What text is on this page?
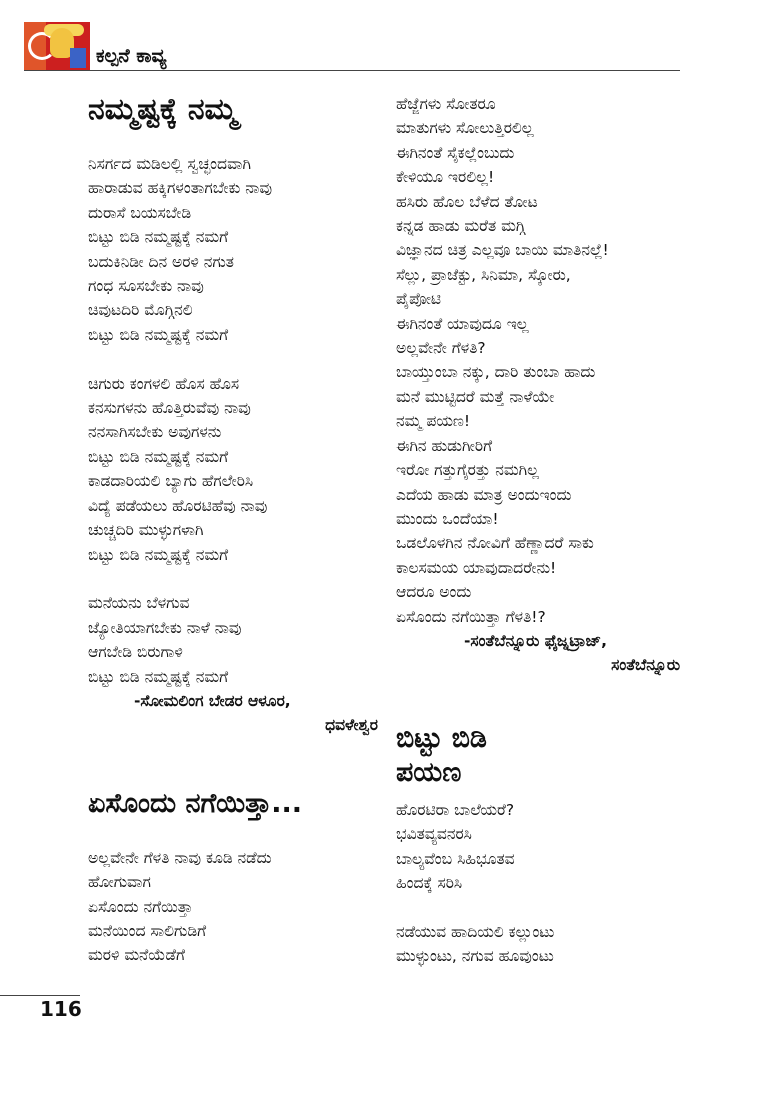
ಕಲ್ಪನೆ ಕಾವ್ಯ
ನಮ್ಮಷ್ಟಕ್ಕೆ ನಮ್ಮ
ನಿಸರ್ಗದ ಮಡಿಲಲ್ಲಿ ಸ್ವಚ್ಛಂದವಾಗಿ
ಹಾರಾಡುವ ಹಕ್ಕಿಗಳಂತಾಗಬೇಕು ನಾವು
ದುರಾಸೆ ಬಯಸಬೇಡಿ
ಬಿಟ್ಟು ಬಿಡಿ ನಮ್ಮಷ್ಟಕ್ಕೆ ನಮಗೆ
ಬದುಕಿನಿಡೀ ದಿನ ಅರಳಿ ನಗುತ
ಗಂಧ ಸೂಸಬೇಕು ನಾವು
ಚಿವುಟದಿರಿ ಮೊಗ್ಗಿನಲಿ
ಬಿಟ್ಟು ಬಿಡಿ ನಮ್ಮಷ್ಟಕ್ಕೆ ನಮಗೆ

ಚಿಗುರು ಕಂಗಳಲಿ ಹೊಸ ಹೊಸ
ಕನಸುಗಳನು ಹೊತ್ತಿರುವೆವು ನಾವು
ನನಸಾಗಿಸಬೇಕು ಅವುಗಳನು
ಬಿಟ್ಟು ಬಿಡಿ ನಮ್ಮಷ್ಟಕ್ಕೆ ನಮಗೆ
ಕಾಡದಾರಿಯಲಿ ಬ್ಯಾಗು ಹೆಗಲೇರಿಸಿ
ವಿದ್ಯೆ ಪಡೆಯಲು ಹೊರಟಿಹೆವು ನಾವು
ಚುಚ್ಚದಿರಿ ಮುಳ್ಳುಗಳಾಗಿ
ಬಿಟ್ಟು ಬಿಡಿ ನಮ್ಮಷ್ಟಕ್ಕೆ ನಮಗೆ

ಮನೆಯನು ಬೆಳಗುವ
ಜ್ಯೋತಿಯಾಗಬೇಕು ನಾಳೆ ನಾವು
ಆಗಬೇಡಿ ಬಿರುಗಾಳಿ
ಬಿಟ್ಟು ಬಿಡಿ ನಮ್ಮಷ್ಟಕ್ಕೆ ನಮಗೆ
-ಸೋಮಲಿಂಗ ಬೇಡರ ಆಳೂರ,
ಧವಳೇಶ್ವರ
ಏಸೊಂದು ನಗೆಯಿತ್ತಾ...
ಅಲ್ಲವೇನೇ ಗೆಳತಿ ನಾವು ಕೂಡಿ ನಡೆದು
ಹೋಗುವಾಗ
ಏಸೊಂದು ನಗೆಯಿತ್ತಾ
ಮನೆಯಿಂದ ಸಾಲಿಗುಡಿಗೆ
ಮರಳಿ ಮನೆಯೆಡೆಗೆ
ಹೆಜ್ಜೆಗಳು ಸೋತರೂ
ಮಾತುಗಳು ಸೋಲುತ್ತಿರಲಿಲ್ಲ
ಈಗಿನಂತೆ ಸೈಕಲ್ಲೆಂಬುದು
ಕೇಳಿಯೂ ಇರಲಿಲ್ಲ!
ಹಸಿರು ಹೊಲ ಬೆಳೆದ ತೋಟ
ಕನ್ನಡ ಹಾಡು ಮರೆತ ಮಗ್ಗಿ
ವಿಜ್ಞಾನದ ಚಿತ್ರ ಎಲ್ಲವೂ ಬಾಯಿ ಮಾತಿನಲ್ಲೆ!
ಸೆಲ್ಲು, ಪ್ರಾಜೆಕ್ಟು, ಸಿನಿಮಾ, ಸ್ಕೋರು,
ಪೈಪೋಟಿ
ಈಗಿನಂತೆ ಯಾವುದೂ ಇಲ್ಲ
ಅಲ್ಲವೇನೇ ಗೆಳತಿ?
ಬಾಯ್ತುಂಬಾ ನಕ್ಕು, ದಾರಿ ತುಂಬಾ ಹಾದು
ಮನೆ ಮುಟ್ಟಿದರೆ ಮತ್ತೆ ನಾಳೆಯೇ
ನಮ್ಮ ಪಯಣ!
ಈಗಿನ ಹುಡುಗೀರಿಗೆ
ಇರೋ ಗತ್ತುಗೈರತ್ತು ನಮಗಿಲ್ಲ
ಎದೆಯ ಹಾಡು ಮಾತ್ರ ಅಂದುಇಂದು
ಮುಂದು ಒಂದೆಯಾ!
ಒಡಲೊಳಗಿನ ನೋವಿಗೆ ಹೆಣ್ಣಾದರೆ ಸಾಕು
ಕಾಲಸಮಯ ಯಾವುದಾದರೇನು!
ಆದರೂ ಅಂದು
ಏಸೊಂದು ನಗೆಯಿತ್ತಾ ಗೆಳತಿ!?
-ಸಂತೆಬೆನ್ನೂರು ಫೈಜ್ನಟ್ರಾಜ್,
ಸಂತೆಬೆನ್ನೂರು
ಬಿಟ್ಟು ಬಿಡಿ
ಪಯಣ
ಹೊರಟಿರಾ ಬಾಲೆಯರೆ?
ಭವಿತವ್ಯವನರಸಿ
ಬಾಲ್ಯವೆಂಬ ಸಿಹಿಭೂತವ
ಹಿಂದಕ್ಕೆ ಸರಿಸಿ

ನಡೆಯುವ ಹಾದಿಯಲಿ ಕಲ್ಲುಂಟು
ಮುಳ್ಳುಂಟು, ನಗುವ ಹೂವುಂಟು
116
